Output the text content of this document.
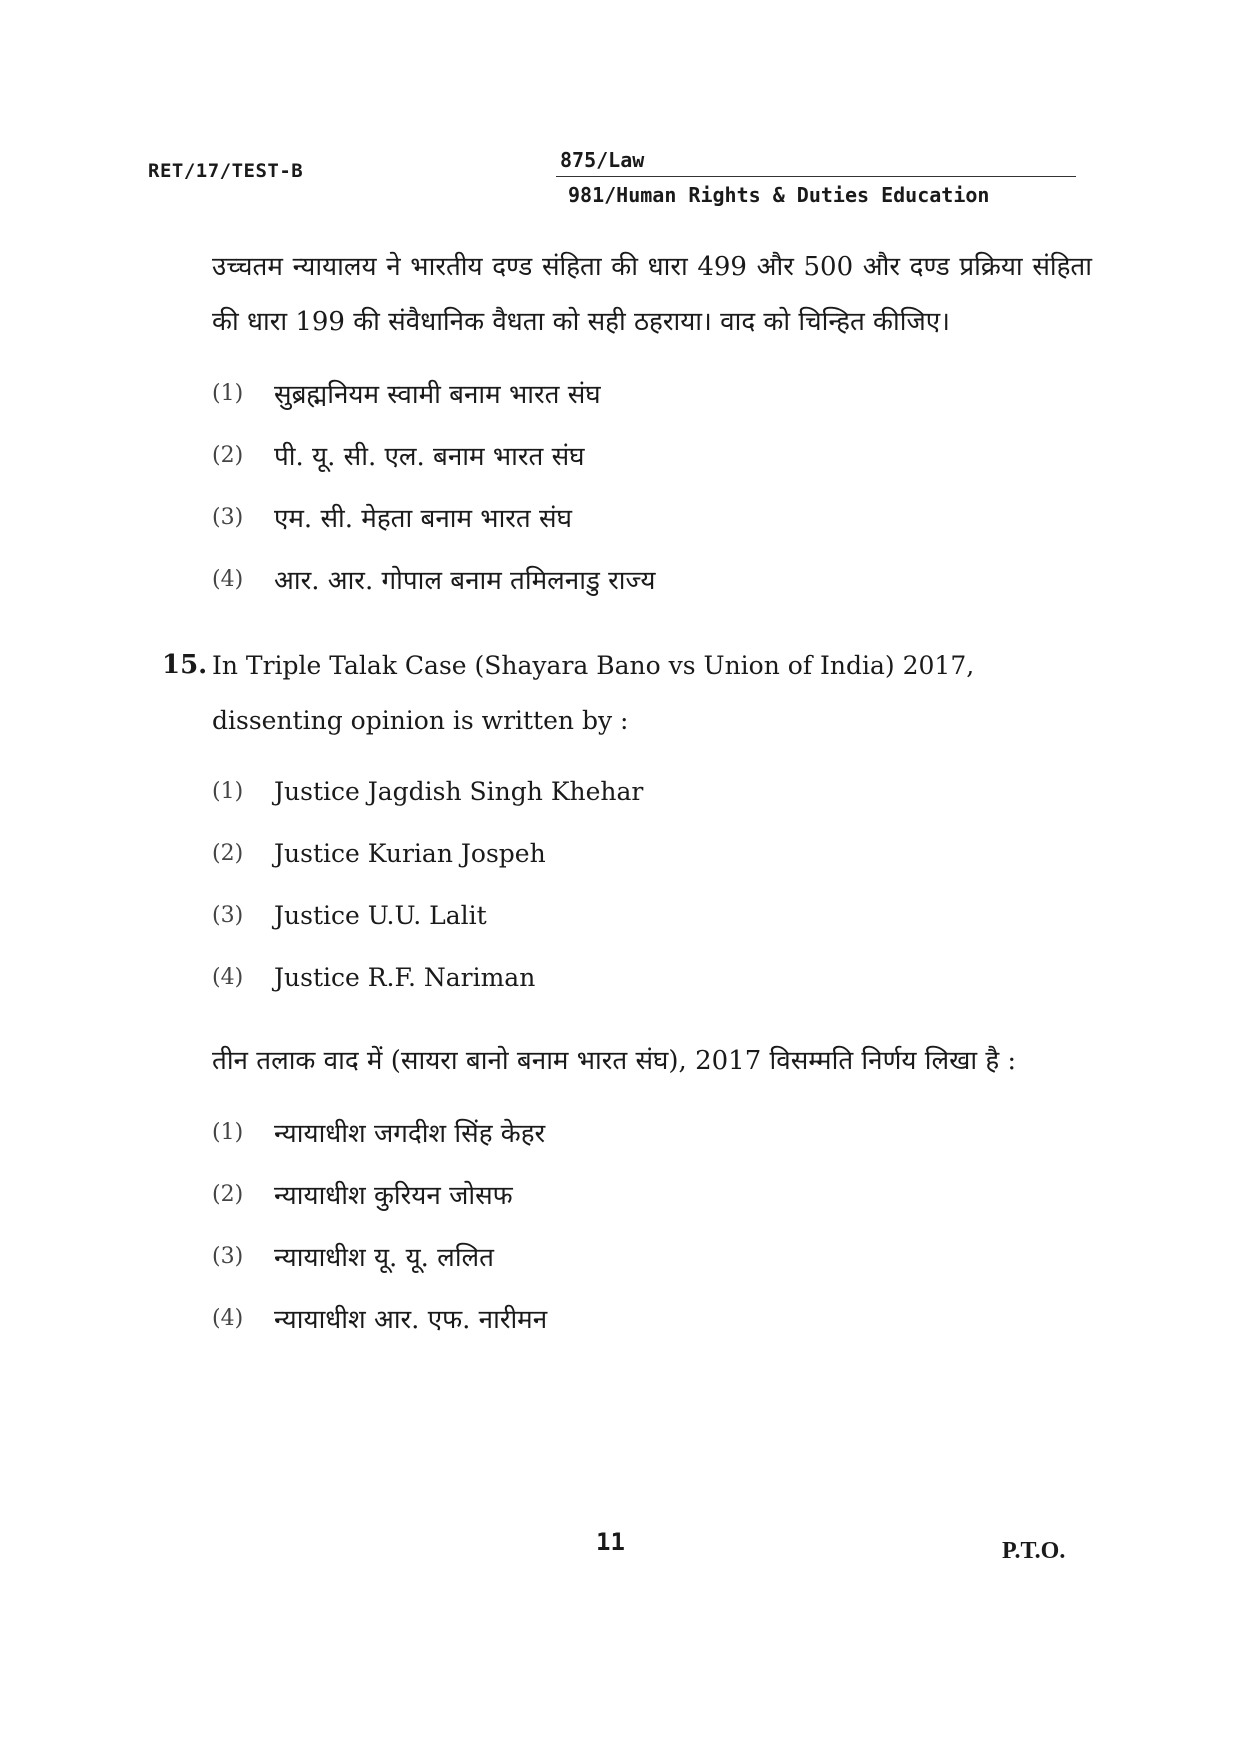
RET/17/TEST-B	875/Law
981/Human Rights & Duties Education

उच्चतम न्यायालय ने भारतीय दण्ड संहिता की धारा 499 और 500 और दण्ड प्रक्रिया संहिता की धारा 199 की संवैधानिक वैधता को सही ठहराया। वाद को चिन्हित कीजिए।

(1)	सुब्रह्मनियम स्वामी बनाम भारत संघ
(2)	पी. यू. सी. एल. बनाम भारत संघ
(3)	एम. सी. मेहता बनाम भारत संघ
(4)	आर. आर. गोपाल बनाम तमिलनाडु राज्य
15. In Triple Talak Case (Shayara Bano vs Union of India) 2017, dissenting opinion is written by :

(1)	Justice Jagdish Singh Khehar
(2)	Justice Kurian Jospeh
(3)	Justice U.U. Lalit
(4)	Justice R.F. Nariman

तीन तलाक वाद में (सायरा बानो बनाम भारत संघ), 2017 विसम्मति निर्णय लिखा है :

(1)	न्यायाधीश जगदीश सिंह केहर
(2)	न्यायाधीश कुरियन जोसफ
(3)	न्यायाधीश यू. यू. ललित
(4)	न्यायाधीश आर. एफ. नारीमन
11	P.T.O.
